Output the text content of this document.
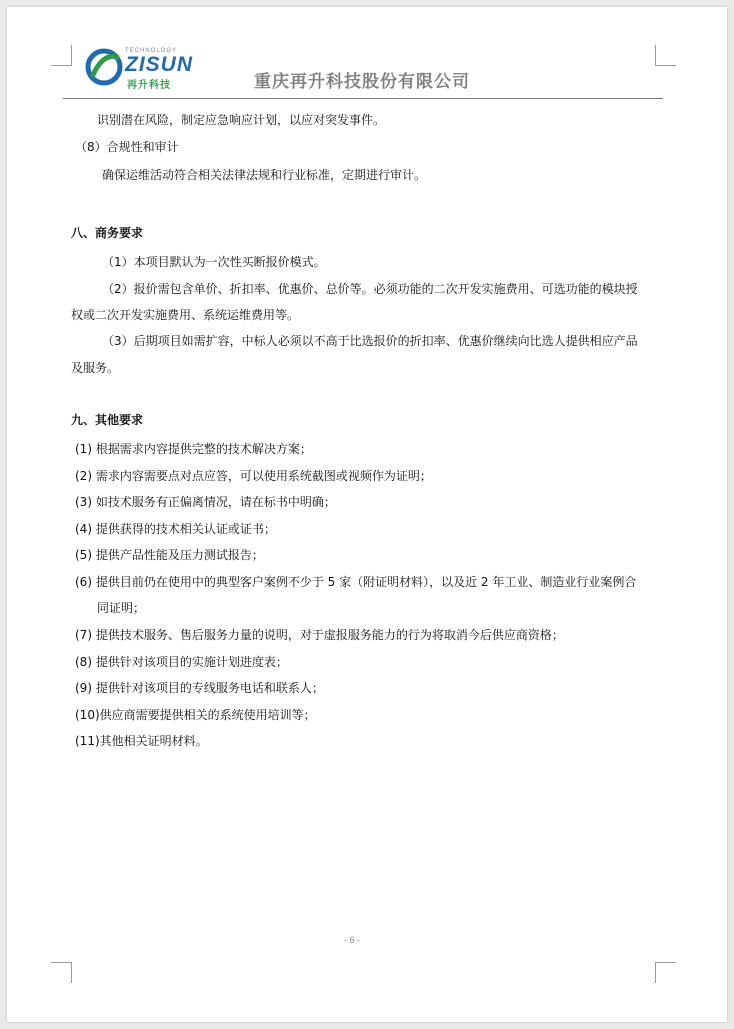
TECHNOLOGY
ZISUN
再升科技	重庆再升科技股份有限公司
识别潜在风险，制定应急响应计划，以应对突发事件。
（8）合规性和审计
确保运维活动符合相关法律法规和行业标准，定期进行审计。
八、商务要求
（1）本项目默认为一次性买断报价模式。
（2）报价需包含单价、折扣率、优惠价、总价等。必须功能的二次开发实施费用、可选功能的模块授
权或二次开发实施费用、系统运维费用等。
（3）后期项目如需扩容，中标人必须以不高于比选报价的折扣率、优惠价继续向比选人提供相应产品
及服务。
九、其他要求
(1) 根据需求内容提供完整的技术解决方案；
(2) 需求内容需要点对点应答，可以使用系统截图或视频作为证明；
(3) 如技术服务有正偏离情况，请在标书中明确；
(4) 提供获得的技术相关认证或证书；
(5) 提供产品性能及压力测试报告；
(6) 提供目前仍在使用中的典型客户案例不少于 5 家（附证明材料），以及近 2 年工业、制造业行业案例合
同证明；
(7) 提供技术服务、售后服务力量的说明，对于虚报服务能力的行为将取消今后供应商资格；
(8) 提供针对该项目的实施计划进度表；
(9) 提供针对该项目的专线服务电话和联系人；
(10)供应商需要提供相关的系统使用培训等；
(11)其他相关证明材料。
- 6 -
